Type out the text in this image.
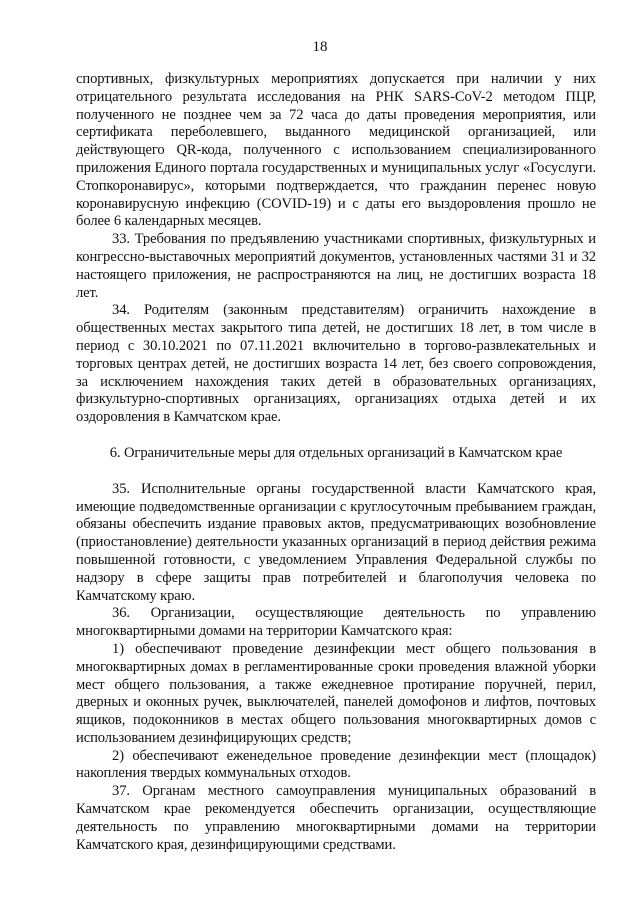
18

спортивных, физкультурных мероприятиях допускается при наличии у них отрицательного результата исследования на РНК SARS-CoV-2 методом ПЦР, полученного не позднее чем за 72 часа до даты проведения мероприятия, или сертификата переболевшего, выданного медицинской организацией, или действующего QR-кода, полученного с использованием специализированного приложения Единого портала государственных и муниципальных услуг «Госуслуги. Стопкоронавирус», которыми подтверждается, что гражданин перенес новую коронавирусную инфекцию (COVID-19) и с даты его выздоровления прошло не более 6 календарных месяцев.

33. Требования по предъявлению участниками спортивных, физкультурных и конгрессно-выставочных мероприятий документов, установленных частями 31 и 32 настоящего приложения, не распространяются на лиц, не достигших возраста 18 лет.

34. Родителям (законным представителям) ограничить нахождение в общественных местах закрытого типа детей, не достигших 18 лет, в том числе в период с 30.10.2021 по 07.11.2021 включительно в торгово-развлекательных и торговых центрах детей, не достигших возраста 14 лет, без своего сопровождения, за исключением нахождения таких детей в образовательных организациях, физкультурно-спортивных организациях, организациях отдыха детей и их оздоровления в Камчатском крае.

6. Ограничительные меры для отдельных организаций в Камчатском крае

35. Исполнительные органы государственной власти Камчатского края, имеющие подведомственные организации с круглосуточным пребыванием граждан, обязаны обеспечить издание правовых актов, предусматривающих возобновление (приостановление) деятельности указанных организаций в период действия режима повышенной готовности, с уведомлением Управления Федеральной службы по надзору в сфере защиты прав потребителей и благополучия человека по Камчатскому краю.

36. Организации, осуществляющие деятельность по управлению многоквартирными домами на территории Камчатского края:

1) обеспечивают проведение дезинфекции мест общего пользования в многоквартирных домах в регламентированные сроки проведения влажной уборки мест общего пользования, а также ежедневное протирание поручней, перил, дверных и оконных ручек, выключателей, панелей домофонов и лифтов, почтовых ящиков, подоконников в местах общего пользования многоквартирных домов с использованием дезинфицирующих средств;

2) обеспечивают еженедельное проведение дезинфекции мест (площадок) накопления твердых коммунальных отходов.

37. Органам местного самоуправления муниципальных образований в Камчатском крае рекомендуется обеспечить организации, осуществляющие деятельность по управлению многоквартирными домами на территории Камчатского края, дезинфицирующими средствами.
